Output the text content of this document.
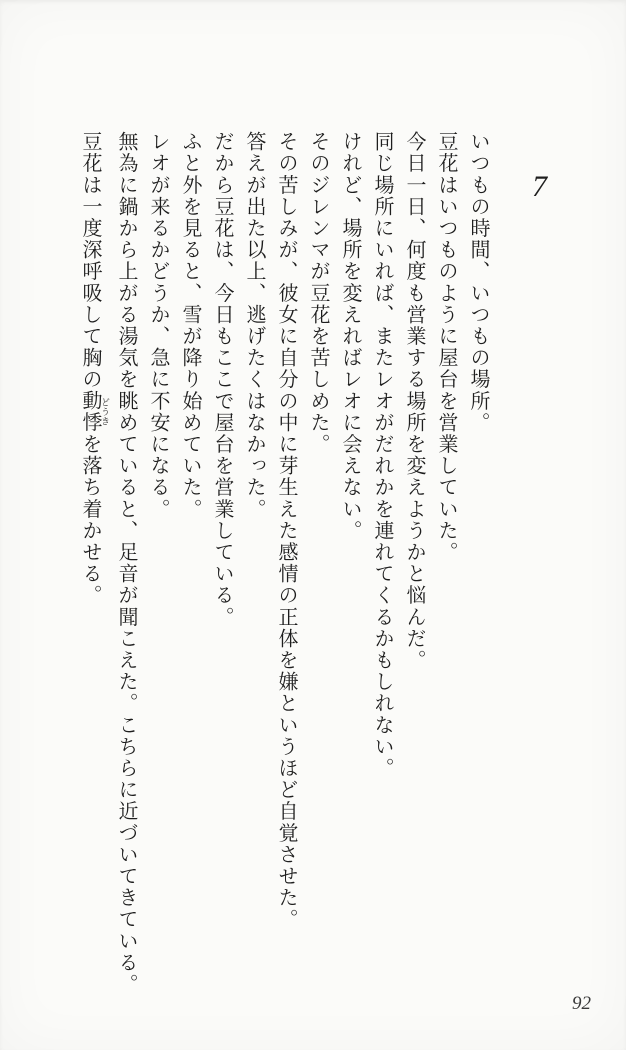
7

いつもの時間、いつもの場所。

豆花はいつものように屋台を営業していた。

今日一日、何度も営業する場所を変えようかと悩んだ。

同じ場所にいれば、またレオがだれかを連れてくるかもしれない。

けれど、場所を変えればレオに会えない。

そのジレンマが豆花を苦しめた。

その苦しみが、彼女に自分の中に芽生えた感情の正体を嫌というほど自覚させた。

答えが出た以上、逃げたくはなかった。

だから豆花は、今日もここで屋台を営業している。

ふと外を見ると、雪が降り始めていた。

レオが来るかどうか、急に不安になる。

無為に鍋から上がる湯気を眺めていると、足音が聞こえた。こちらに近づいてきている。

豆花は一度深呼吸して胸の動悸 どうきを落ち着かせる。

92
